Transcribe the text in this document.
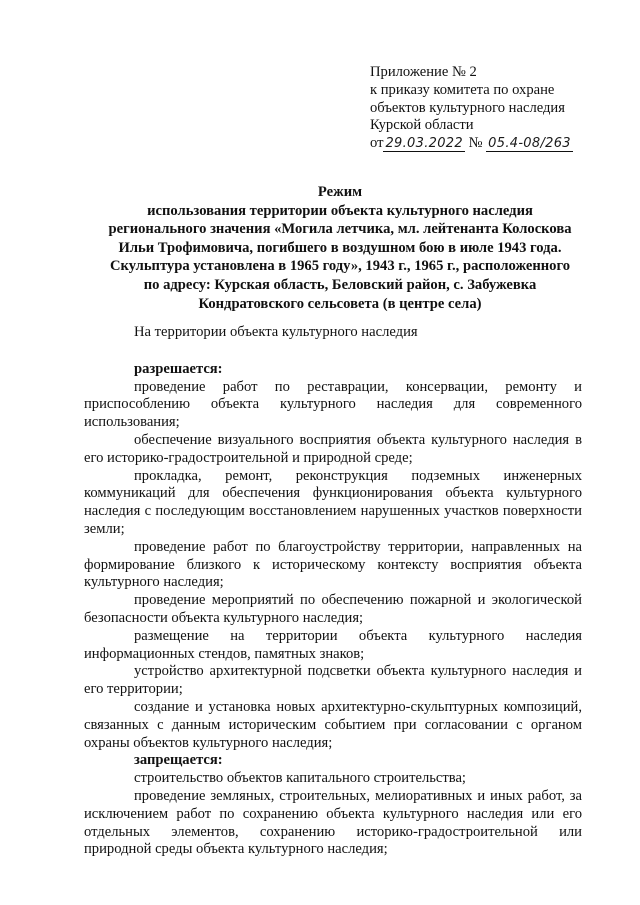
Приложение № 2
к приказу комитета по охране
объектов культурного наследия
Курской области
от 29.03.2022 № 05.4-08/263
Режим
использования территории объекта культурного наследия
регионального значения «Могила летчика, мл. лейтенанта Колоскова
Ильи Трофимовича, погибшего в воздушном бою в июле 1943 года.
Скульптура установлена в 1965 году», 1943 г., 1965 г., расположенного
по адресу: Курская область, Беловский район, с. Забужевка
Кондратовского сельсовета (в центре села)
На территории объекта культурного наследия
разрешается:

проведение работ по реставрации, консервации, ремонту и приспособлению объекта культурного наследия для современного использования;

обеспечение визуального восприятия объекта культурного наследия в его историко-градостроительной и природной среде;

прокладка, ремонт, реконструкция подземных инженерных коммуникаций для обеспечения функционирования объекта культурного наследия с последующим восстановлением нарушенных участков поверхности земли;

проведение работ по благоустройству территории, направленных на формирование близкого к историческому контексту восприятия объекта культурного наследия;

проведение мероприятий по обеспечению пожарной и экологической безопасности объекта культурного наследия;

размещение на территории объекта культурного наследия информационных стендов, памятных знаков;

устройство архитектурной подсветки объекта культурного наследия и его территории;

создание и установка новых архитектурно-скульптурных композиций, связанных с данным историческим событием при согласовании с органом охраны объектов культурного наследия;

запрещается:

строительство объектов капитального строительства;

проведение земляных, строительных, мелиоративных и иных работ, за исключением работ по сохранению объекта культурного наследия или его отдельных элементов, сохранению историко-градостроительной или природной среды объекта культурного наследия;
